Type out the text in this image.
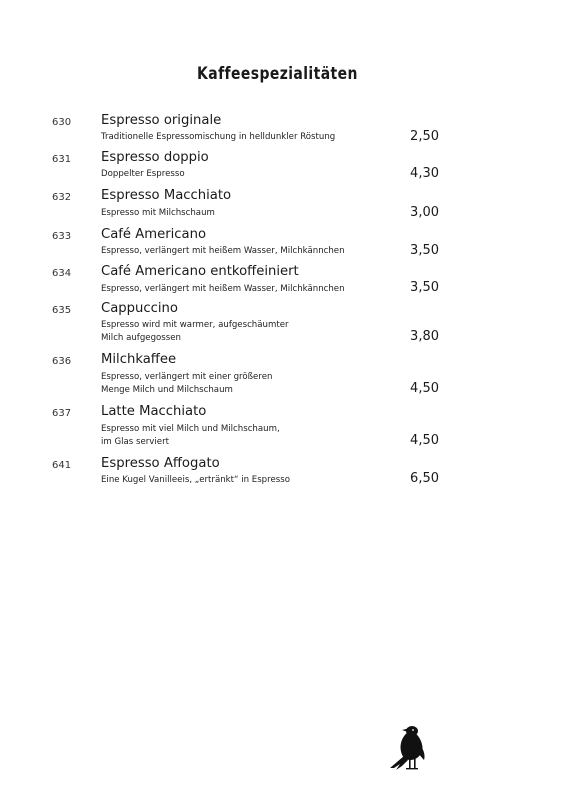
Kaffeespezialitäten
630 Espresso originale
Traditionelle Espressomischung in helldunkler Röstung	2,50
631 Espresso doppio
Doppelter Espresso	4,30
632 Espresso Macchiato
Espresso mit Milchschaum	3,00
633 Café Americano
Espresso, verlängert mit heißem Wasser, Milchkännchen	3,50
634 Café Americano entkoffeiniert
Espresso, verlängert mit heißem Wasser, Milchkännchen	3,50
635 Cappuccino
Espresso wird mit warmer, aufgeschäumter
Milch aufgegossen	3,80
636 Milchkaffee
Espresso, verlängert mit einer größeren
Menge Milch und Milchschaum	4,50
637 Latte Macchiato
Espresso mit viel Milch und Milchschaum,
im Glas serviert	4,50
641 Espresso Affogato
Eine Kugel Vanilleeis, „ertränkt“ in Espresso	6,50
